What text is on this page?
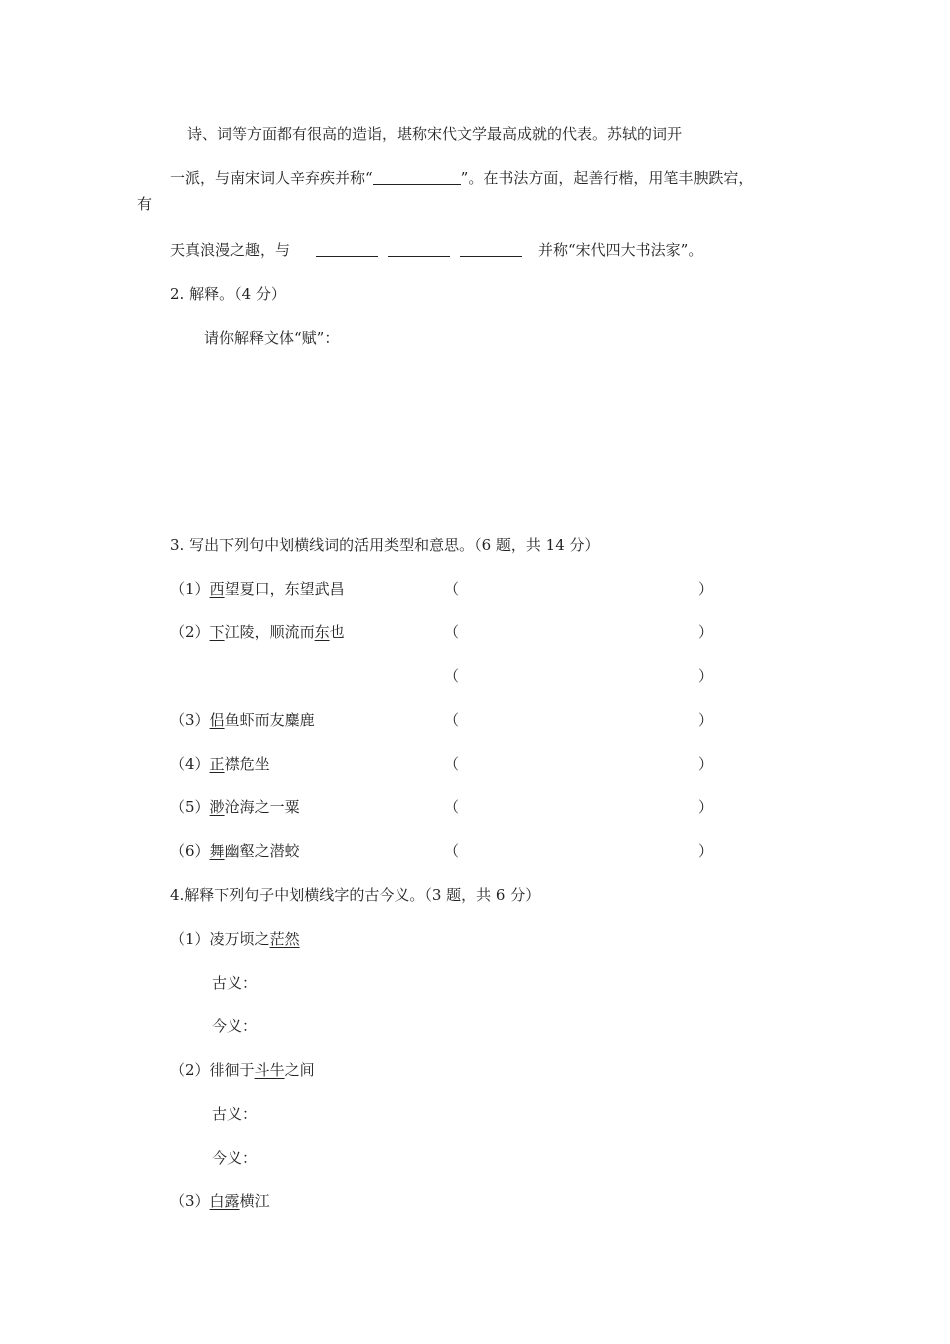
诗、词等方面都有很高的造诣，堪称宋代文学最高成就的代表。苏轼的词开
一派，与南宋词人辛弃疾并称“	”。在书法方面，起善行楷，用笔丰腴跌宕，
有
天真浪漫之趣，与	并称“宋代四大书法家”。
2. 解释。（4 分）
请你解释文体“赋”：
3. 写出下列句中划横线词的活用类型和意思。（6 题，共 14 分）
（1）西望夏口，东望武昌	（	）
（2）下江陵，顺流而东也	（	）
（	）
（3）侣鱼虾而友麋鹿	（	）
（4）正襟危坐	（	）
（5）渺沧海之一粟	（	）
（6）舞幽壑之潜蛟	（	）
4.解释下列句子中划横线字的古今义。（3 题，共 6 分）
（1）凌万顷之茫然
古义：
今义：
（2）徘徊于斗牛之间
古义：
今义：
（3）白露横江
